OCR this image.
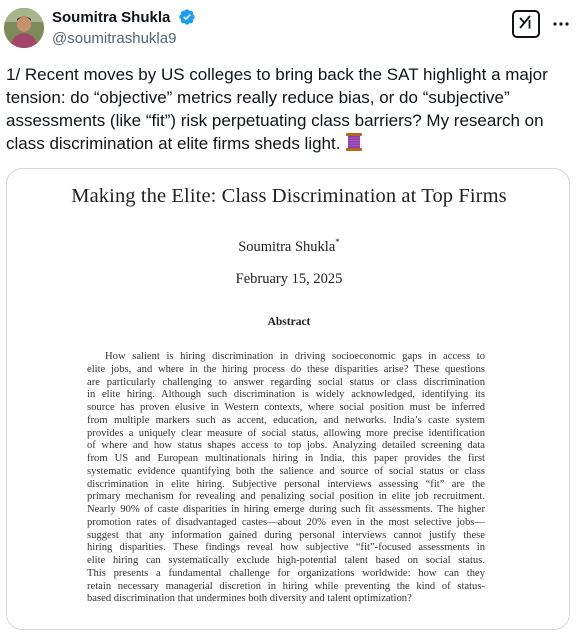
Soumitra Shukla
@soumitrashukla9
1/ Recent moves by US colleges to bring back the SAT highlight a major tension: do “objective” metrics really reduce bias, or do “subjective” assessments (like “fit”) risk perpetuating class barriers? My research on class discrimination at elite firms sheds light.
Making the Elite: Class Discrimination at Top Firms
Soumitra Shukla*
February 15, 2025
Abstract
How salient is hiring discrimination in driving socioeconomic gaps in access to
elite jobs, and where in the hiring process do these disparities arise? These questions
are particularly challenging to answer regarding social status or class discrimination
in elite hiring. Although such discrimination is widely acknowledged, identifying its
source has proven elusive in Western contexts, where social position must be inferred
from multiple markers such as accent, education, and networks. India’s caste system
provides a uniquely clear measure of social status, allowing more precise identification
of where and how status shapes access to top jobs. Analyzing detailed screening data
from US and European multinationals hiring in India, this paper provides the first
systematic evidence quantifying both the salience and source of social status or class
discrimination in elite hiring. Subjective personal interviews assessing “fit” are the
primary mechanism for revealing and penalizing social position in elite job recruitment.
Nearly 90% of caste disparities in hiring emerge during such fit assessments. The higher
promotion rates of disadvantaged castes—about 20% even in the most selective jobs—
suggest that any information gained during personal interviews cannot justify these
hiring disparities. These findings reveal how subjective “fit”-focused assessments in
elite hiring can systematically exclude high-potential talent based on social status.
This presents a fundamental challenge for organizations worldwide: how can they
retain necessary managerial discretion in hiring while preventing the kind of status-
based discrimination that undermines both diversity and talent optimization?
